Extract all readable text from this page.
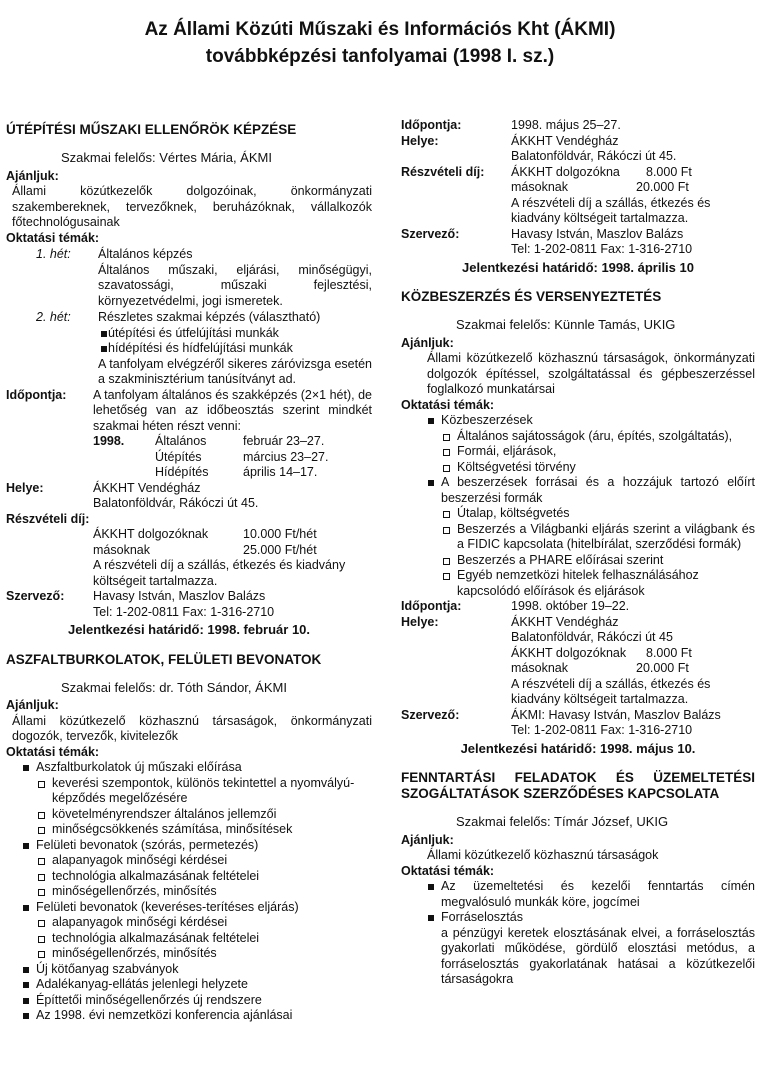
Az Állami Közúti Műszaki és Információs Kht (ÁKMI)
továbbképzési tanfolyamai (1998 I. sz.)
ÚTÉPÍTÉSI MŰSZAKI ELLENŐRÖK KÉPZÉSE
Szakmai felelős: Vértes Mária, ÁKMI
Ajánljuk:
Állami közútkezelők dolgozóinak, önkormányzati szakembereknek, tervezőknek, beruházóknak, vállalkozók főtechnológusainak
Oktatási témák:
1. hét:	Általános képzés
Általános műszaki, eljárási, minőségügyi, szavatossági, műszaki fejlesztési, környezetvédelmi, jogi ismeretek.
2. hét:	Részletes szakmai képzés (választható)
útépítési és útfelújítási munkák
hídépítési és hídfelújítási munkák
A tanfolyam elvégzéről sikeres záróvizsga esetén a szakminisztérium tanúsítványt ad.
Időpontja:	A tanfolyam általános és szakképzés (2×1 hét), de lehetőség van az időbeosztás szerint mindkét szakmai héten részt venni:
1998.	Általános	február 23–27.
Útépítés	március 23–27.
Hídépítés	április 14–17.
Helye:	ÁKKHT Vendégház
Balatonföldvár, Rákóczi út 45.
Részvételi díj:
ÁKKHT dolgozóknak	10.000 Ft/hét
másoknak	25.000 Ft/hét
A részvételi díj a szállás, étkezés és kiadvány költségeit tartalmazza.
Szervező:	Havasy István, Maszlov Balázs
Tel: 1-202-0811 Fax: 1-316-2710
Jelentkezési határidő: 1998. február 10.
ASZFALTBURKOLATOK, FELÜLETI BEVONATOK
Szakmai felelős: dr. Tóth Sándor, ÁKMI
Ajánljuk:
Állami közútkezelő közhasznú társaságok, önkormányzati dogozók, tervezők, kivitelezők
Oktatási témák:
Aszfaltburkolatok új műszaki előírása
keverési szempontok, különös tekintettel a nyomvályú-képződés megelőzésére
követelményrendszer általános jellemzői
minőségcsökkenés számítása, minősítések
Felületi bevonatok (szórás, permetezés)
alapanyagok minőségi kérdései
technológia alkalmazásának feltételei
minőségellenőrzés, minősítés
Felületi bevonatok (keveréses-terítéses eljárás)
alapanyagok minőségi kérdései
technológia alkalmazásának feltételei
minőségellenőrzés, minősítés
Új kötőanyag szabványok
Adalékanyag-ellátás jelenlegi helyzete
Építtetői minőségellenőrzés új rendszere
Az 1998. évi nemzetközi konferencia ajánlásai
Időpontja:	1998. május 25–27.
Helye:	ÁKKHT Vendégház
Balatonföldvár, Rákóczi út 45.
Részvételi díj:	ÁKKHT dolgozókna	8.000 Ft
másoknak	20.000 Ft
A részvételi díj a szállás, étkezés és kiadvány költségeit tartalmazza.
Szervező:	Havasy István, Maszlov Balázs
Tel: 1-202-0811 Fax: 1-316-2710
Jelentkezési határidő: 1998. április 10
KÖZBESZERZÉS ÉS VERSENYEZTETÉS
Szakmai felelős: Künnle Tamás, UKIG
Ajánljuk:
Állami közútkezelő közhasznú társaságok, önkormányzati dolgozók építéssel, szolgáltatással és gépbeszerzéssel foglalkozó munkatársai
Oktatási témák:
Közbeszerzések
Általános sajátosságok (áru, építés, szolgáltatás),
Formái, eljárások,
Költségvetési törvény
A beszerzések forrásai és a hozzájuk tartozó előírt beszerzési formák
Útalap, költségvetés
Beszerzés a Világbanki eljárás szerint a világbank és a FIDIC kapcsolata (hitelbírálat, szerződési formák)
Beszerzés a PHARE előírásai szerint
Egyéb nemzetközi hitelek felhasználásához kapcsolódó előírások és eljárások
Időpontja:	1998. október 19–22.
Helye:	ÁKKHT Vendégház
Balatonföldvár, Rákóczi út 45
ÁKKHT dolgozóknak	8.000 Ft
másoknak	20.000 Ft
A részvételi díj a szállás, étkezés és kiadvány költségeit tartalmazza.
Szervező:	ÁKMI: Havasy István, Maszlov Balázs
Tel: 1-202-0811 Fax: 1-316-2710
Jelentkezési határidő: 1998. május 10.
FENNTARTÁSI FELADATOK ÉS ÜZEMELTETÉSI SZOGÁLTATÁSOK SZERZŐDÉSES KAPCSOLATA
Szakmai felelős: Tímár József, UKIG
Ajánljuk:
Állami közútkezelő közhasznú társaságok
Oktatási témák:
Az üzemeltetési és kezelői fenntartás címén megvalósuló munkák köre, jogcímei
Forráselosztás
a pénzügyi keretek elosztásának elvei, a forráselosztás gyakorlati működése, gördülő elosztási metódus, a forráselosztás gyakorlatának hatásai a közútkezelői társaságokra
